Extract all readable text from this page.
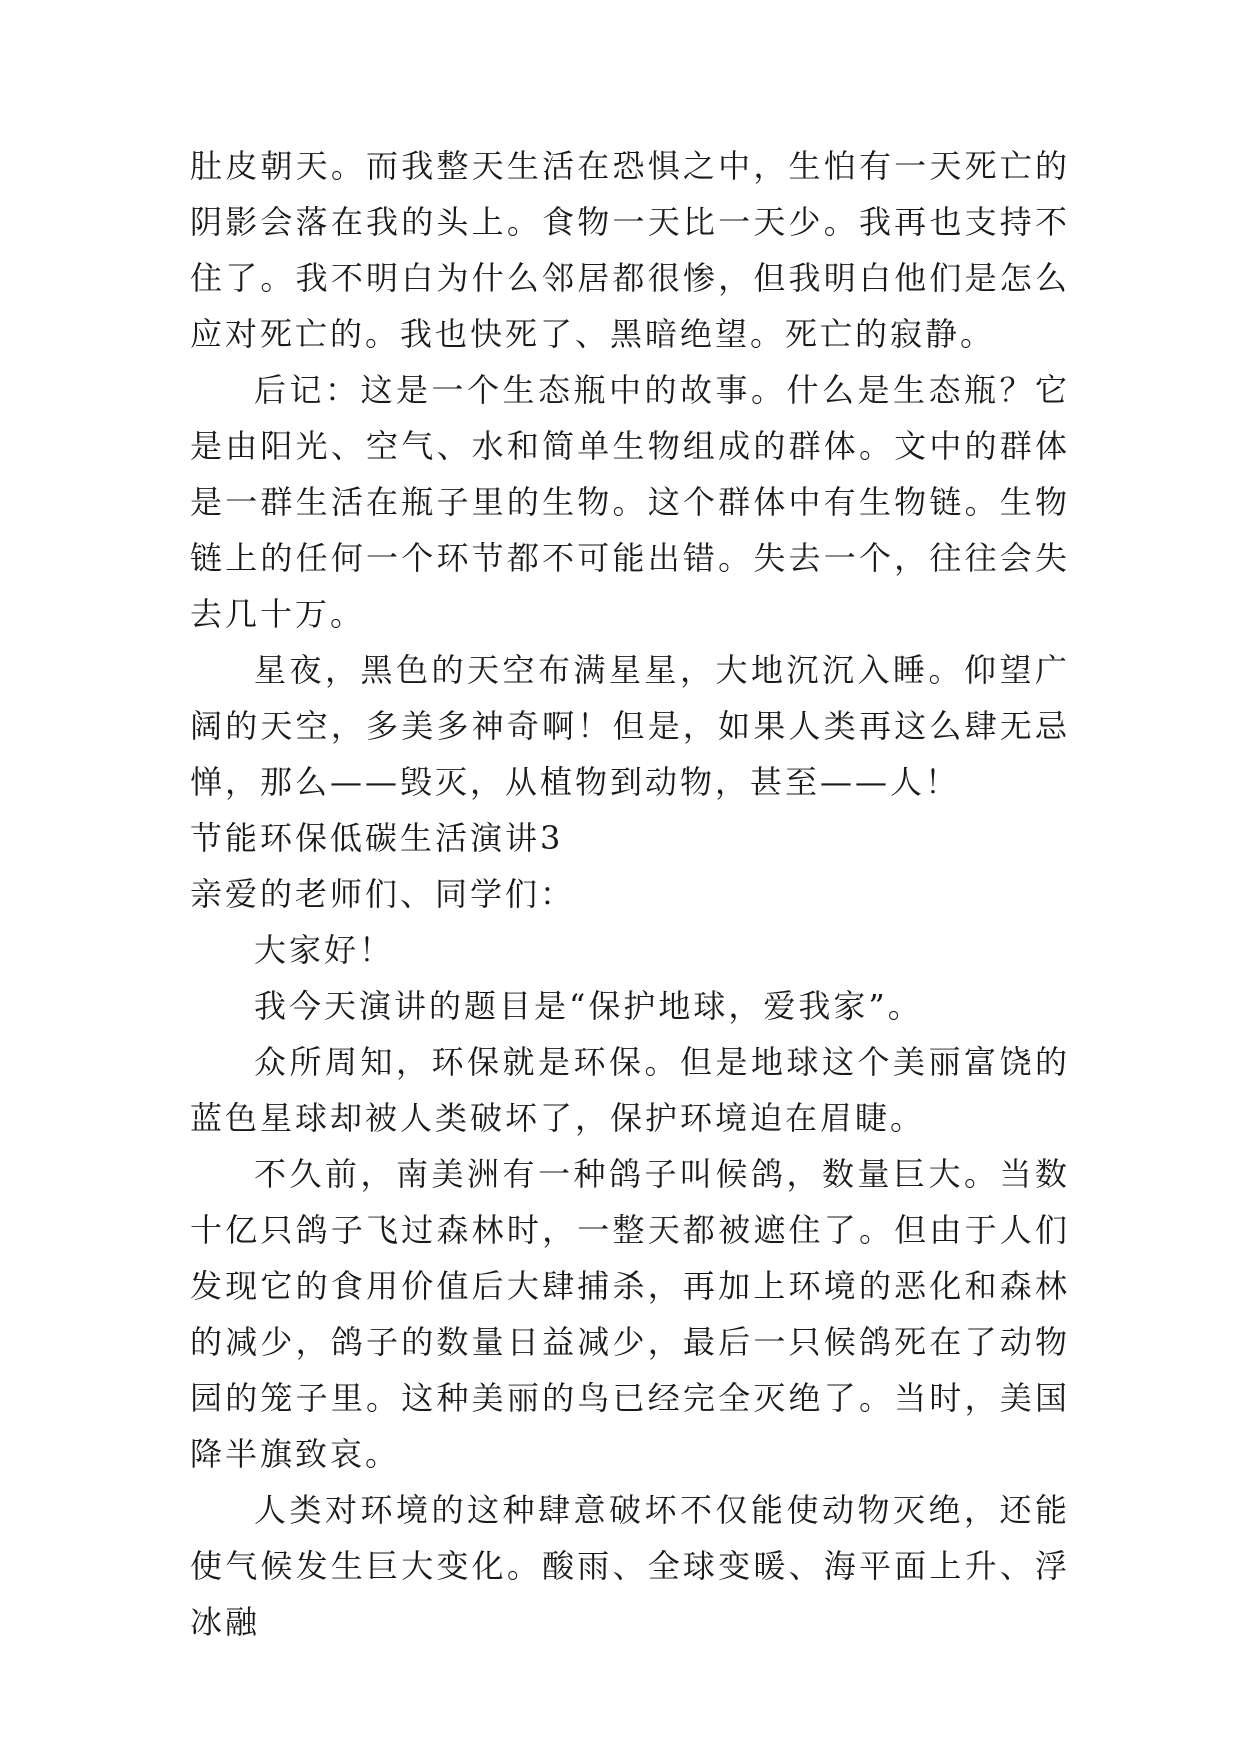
肚皮朝天。而我整天生活在恐惧之中，生怕有一天死亡的阴影会落在我的头上。食物一天比一天少。我再也支持不住了。我不明白为什么邻居都很惨，但我明白他们是怎么应对死亡的。我也快死了、黑暗绝望。死亡的寂静。

后记：这是一个生态瓶中的故事。什么是生态瓶？它是由阳光、空气、水和简单生物组成的群体。文中的群体是一群生活在瓶子里的生物。这个群体中有生物链。生物链上的任何一个环节都不可能出错。失去一个，往往会失去几十万。

星夜，黑色的天空布满星星，大地沉沉入睡。仰望广阔的天空，多美多神奇啊！但是，如果人类再这么肆无忌惮，那么——毁灭，从植物到动物，甚至——人！

节能环保低碳生活演讲3

亲爱的老师们、同学们：

大家好！

我今天演讲的题目是“保护地球，爱我家”。

众所周知，环保就是环保。但是地球这个美丽富饶的蓝色星球却被人类破坏了，保护环境迫在眉睫。

不久前，南美洲有一种鸽子叫候鸽，数量巨大。当数十亿只鸽子飞过森林时，一整天都被遮住了。但由于人们发现它的食用价值后大肆捕杀，再加上环境的恶化和森林的减少，鸽子的数量日益减少，最后一只候鸽死在了动物园的笼子里。这种美丽的鸟已经完全灭绝了。当时，美国降半旗致哀。

人类对环境的这种肆意破坏不仅能使动物灭绝，还能使气候发生巨大变化。酸雨、全球变暖、海平面上升、浮冰融
